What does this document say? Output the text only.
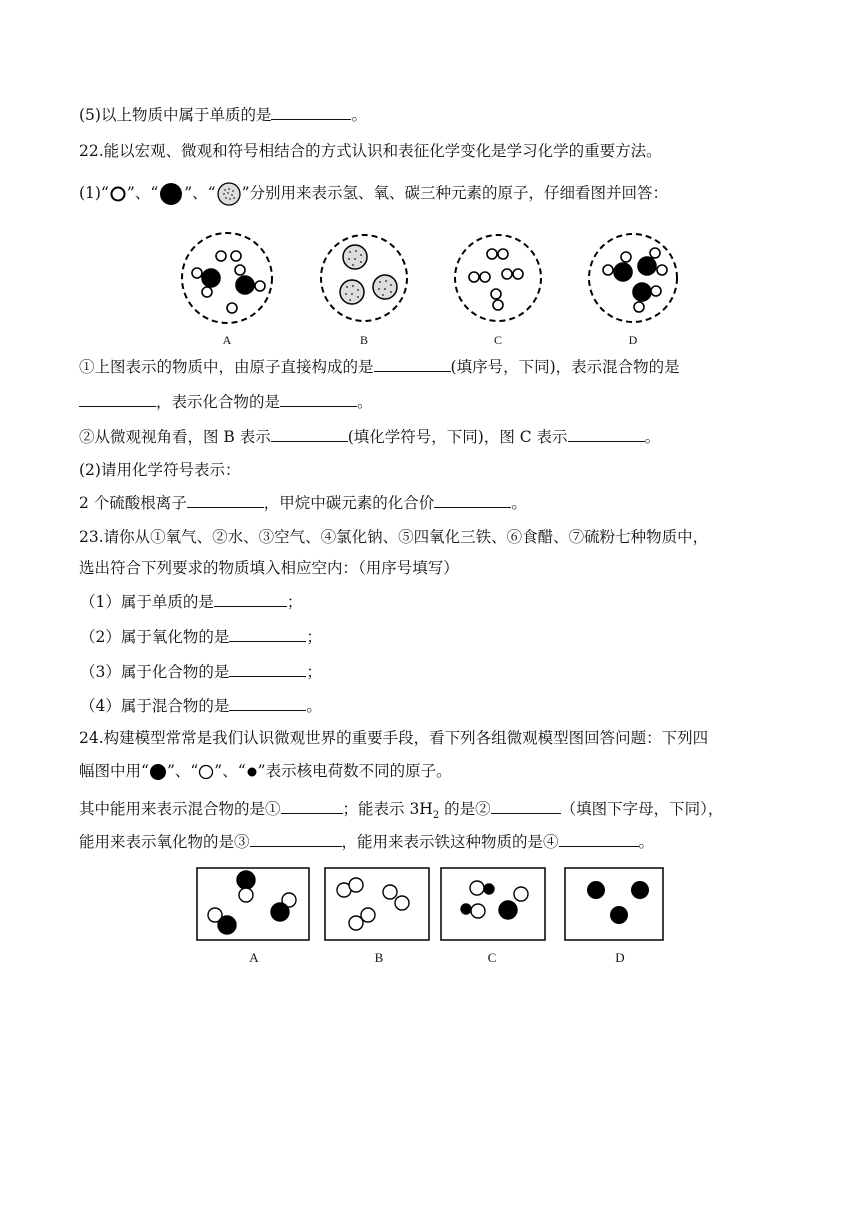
(5)以上物质中属于单质的是	。
22.能以宏观、微观和符号相结合的方式认识和表征化学变化是学习化学的重要方法。
(1)“ ”、“ ”、“ ”分别用来表示氢、氧、碳三种元素的原子，仔细看图并回答：
A	B	C	D
①上图表示的物质中，由原子直接构成的是	(填序号，下同)，表示混合物的是
，表示化合物的是	。
②从微观视角看，图 B 表示	(填化学符号，下同)，图 C 表示	。
(2)请用化学符号表示：
2 个硫酸根离子	，甲烷中碳元素的化合价	。
23.请你从①氧气、②水、③空气、④氯化钠、⑤四氧化三铁、⑥食醋、⑦硫粉七种物质中，
选出符合下列要求的物质填入相应空内：（用序号填写）
（1）属于单质的是	；
（2）属于氧化物的是	；
（3）属于化合物的是	；
（4）属于混合物的是	。
24.构建模型常常是我们认识微观世界的重要手段，看下列各组微观模型图回答问题：下列四
幅图中用“ ”、“ ”、“ ”表示核电荷数不同的原子。
其中能用来表示混合物的是①	；能表示 $3H_2$ 的是②	（填图下字母，下同），
能用来表示氧化物的是③	，能用来表示铁这种物质的是④	。
A	B	C	D
